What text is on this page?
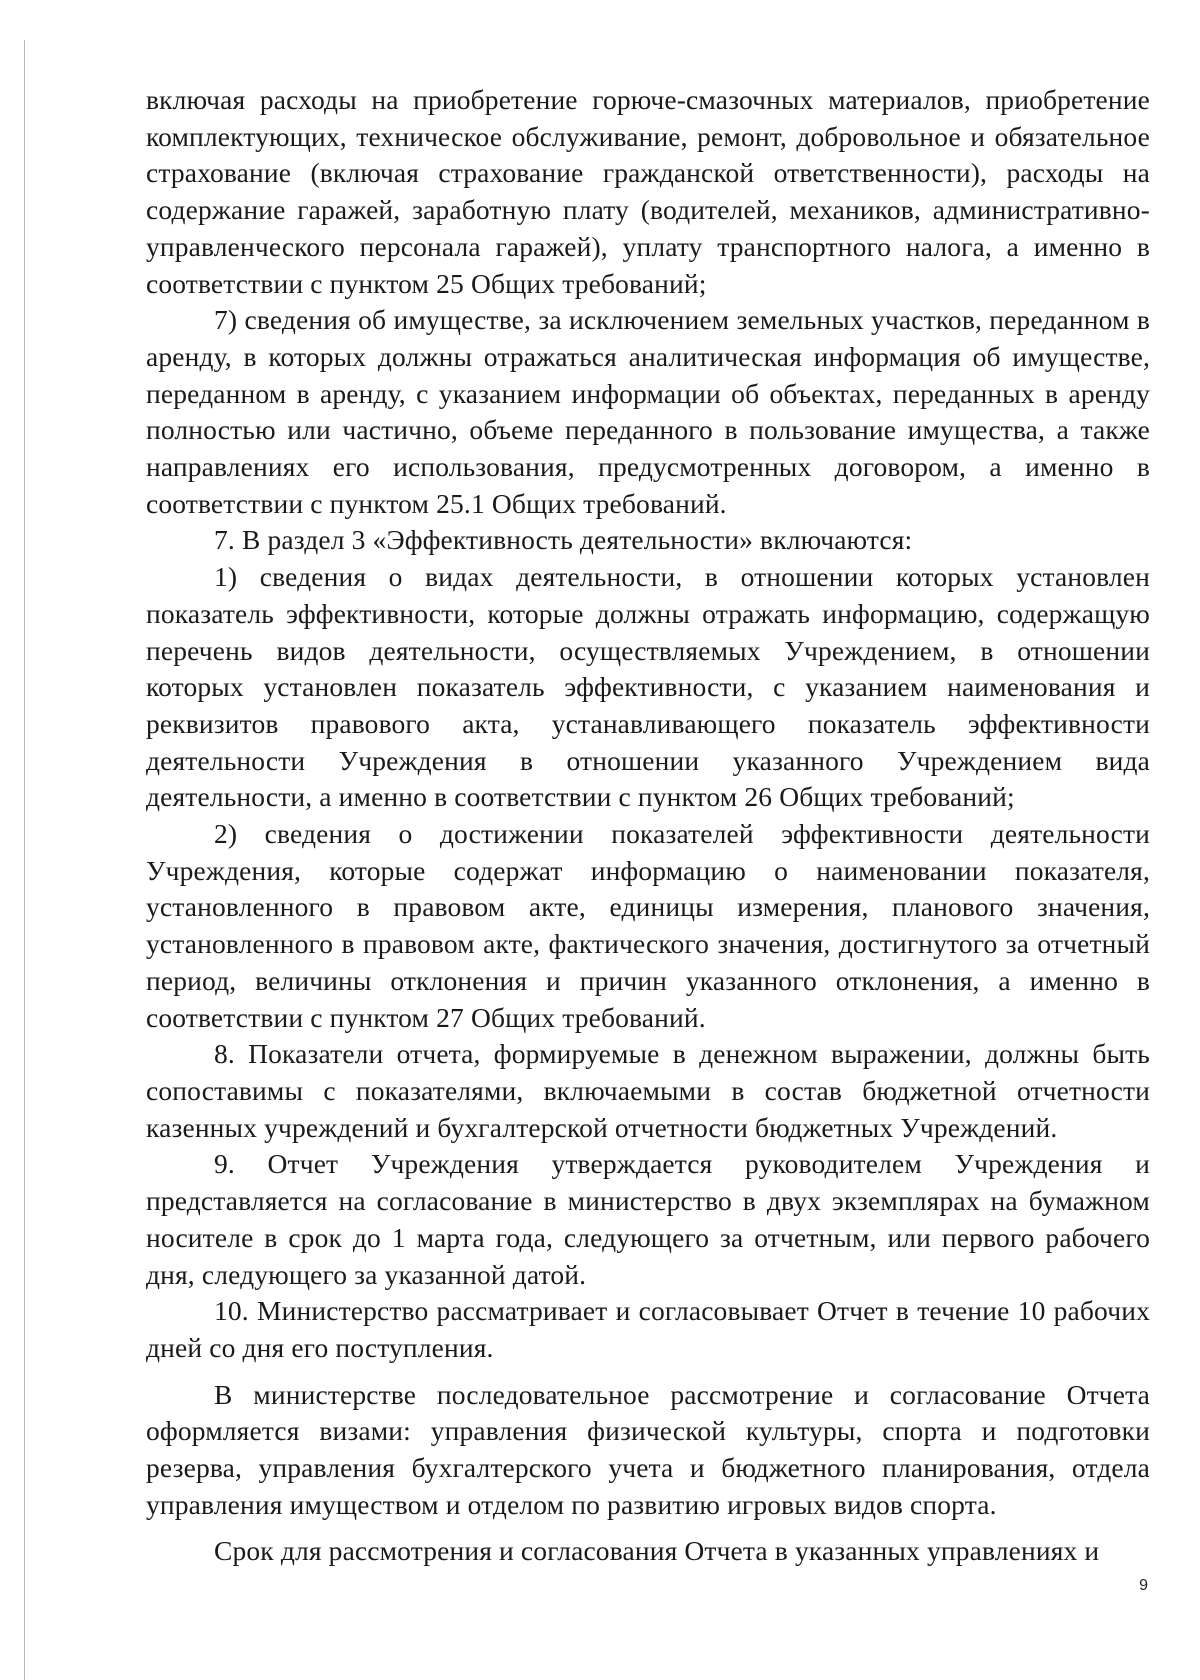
включая расходы на приобретение горюче-смазочных материалов, приобретение комплектующих, техническое обслуживание, ремонт, добровольное и обязательное страхование (включая страхование гражданской ответственности), расходы на содержание гаражей, заработную плату (водителей, механиков, административно-управленческого персонала гаражей), уплату транспортного налога, а именно в соответствии с пунктом 25 Общих требований;

7) сведения об имуществе, за исключением земельных участков, переданном в аренду, в которых должны отражаться аналитическая информация об имуществе, переданном в аренду, с указанием информации об объектах, переданных в аренду полностью или частично, объеме переданного в пользование имущества, а также направлениях его использования, предусмотренных договором, а именно в соответствии с пунктом 25.1 Общих требований.

7. В раздел 3 «Эффективность деятельности» включаются:

1) сведения о видах деятельности, в отношении которых установлен показатель эффективности, которые должны отражать информацию, содержащую перечень видов деятельности, осуществляемых Учреждением, в отношении которых установлен показатель эффективности, с указанием наименования и реквизитов правового акта, устанавливающего показатель эффективности деятельности Учреждения в отношении указанного Учреждением вида деятельности, а именно в соответствии с пунктом 26 Общих требований;

2) сведения о достижении показателей эффективности деятельности Учреждения, которые содержат информацию о наименовании показателя, установленного в правовом акте, единицы измерения, планового значения, установленного в правовом акте, фактического значения, достигнутого за отчетный период, величины отклонения и причин указанного отклонения, а именно в соответствии с пунктом 27 Общих требований.

8. Показатели отчета, формируемые в денежном выражении, должны быть сопоставимы с показателями, включаемыми в состав бюджетной отчетности казенных учреждений и бухгалтерской отчетности бюджетных Учреждений.

9. Отчет Учреждения утверждается руководителем Учреждения и представляется на согласование в министерство в двух экземплярах на бумажном носителе в срок до 1 марта года, следующего за отчетным, или первого рабочего дня, следующего за указанной датой.

10. Министерство рассматривает и согласовывает Отчет в течение 10 рабочих дней со дня его поступления.

В министерстве последовательное рассмотрение и согласование Отчета оформляется визами: управления физической культуры, спорта и подготовки резерва, управления бухгалтерского учета и бюджетного планирования, отдела управления имуществом и отделом по развитию игровых видов спорта.

Срок для рассмотрения и согласования Отчета в указанных управлениях и

9
